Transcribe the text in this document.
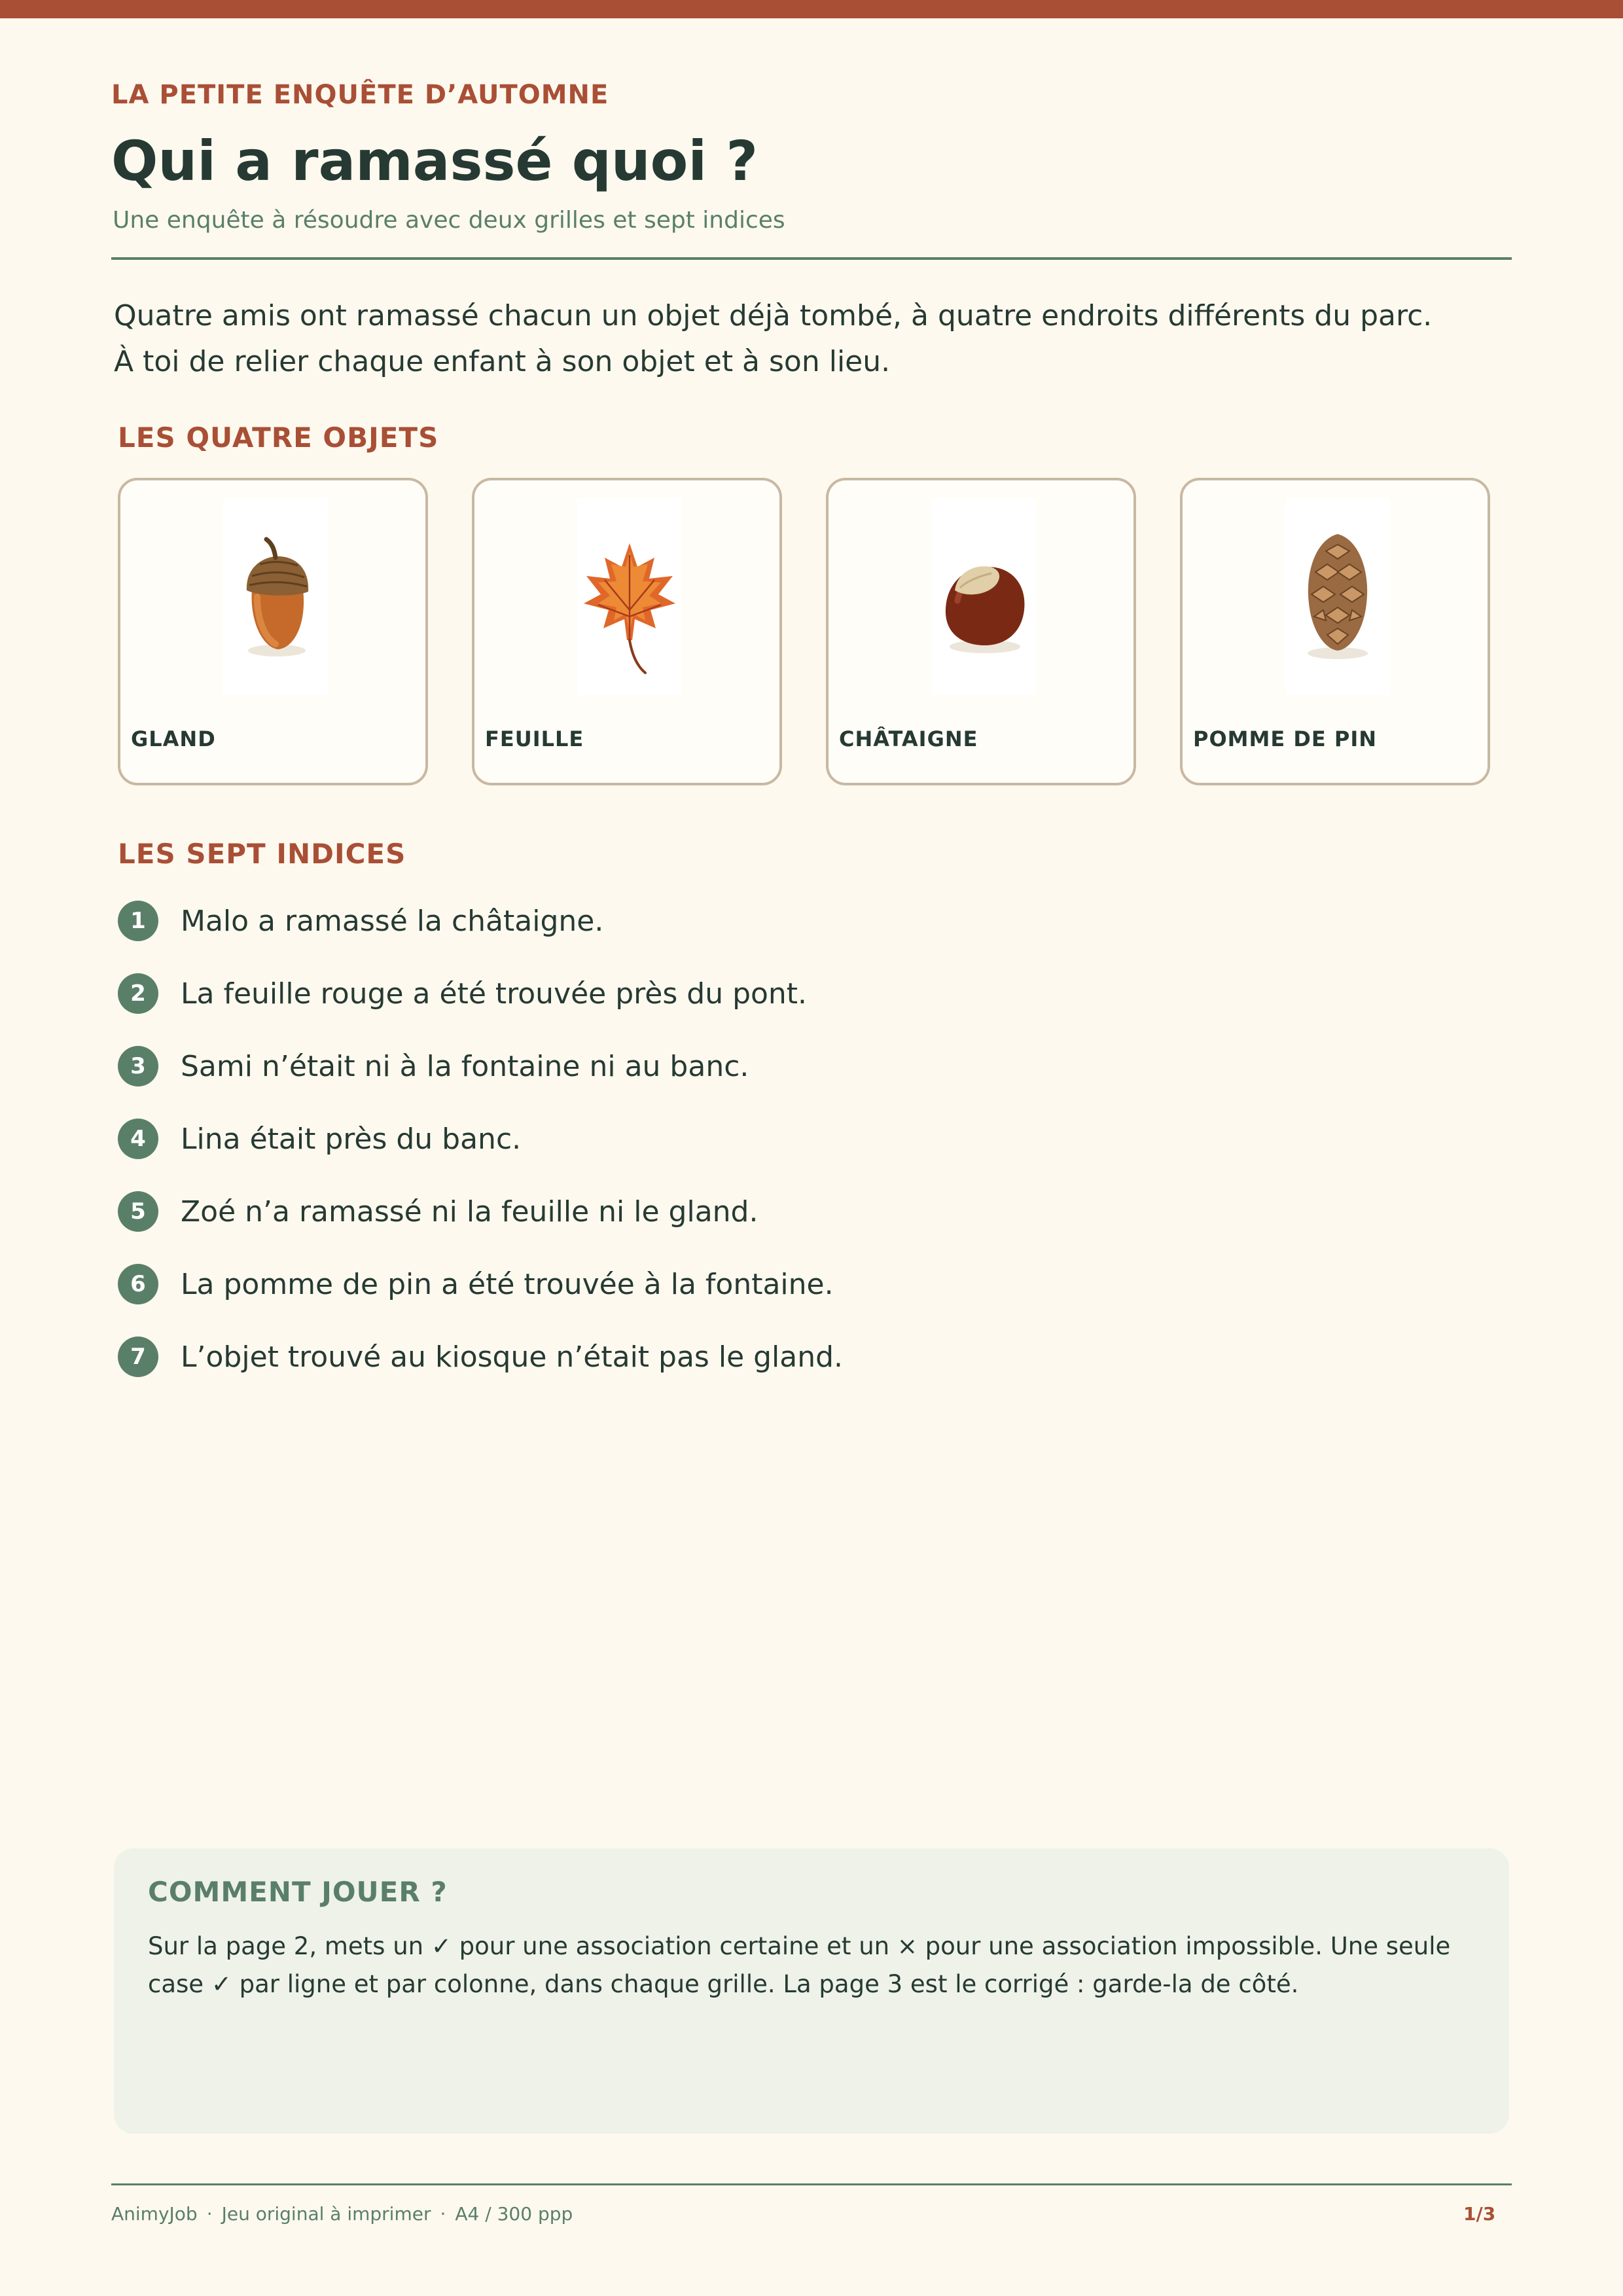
LA PETITE ENQUÊTE D’AUTOMNE
Qui a ramassé quoi ?
Une enquête à résoudre avec deux grilles et sept indices

Quatre amis ont ramassé chacun un objet déjà tombé, à quatre endroits différents du parc.

À toi de relier chaque enfant à son objet et à son lieu.

LES QUATRE OBJETS
GLAND	FEUILLE	CHÂTAIGNE	POMME DE PIN
LES SEPT INDICES
1	Malo a ramassé la châtaigne.
2	La feuille rouge a été trouvée près du pont.
3	Sami n’était ni à la fontaine ni au banc.
4	Lina était près du banc.
5	Zoé n’a ramassé ni la feuille ni le gland.
6	La pomme de pin a été trouvée à la fontaine.
7	L’objet trouvé au kiosque n’était pas le gland.
COMMENT JOUER ?
Sur la page 2, mets un ✓ pour une association certaine et un × pour une association impossible. Une seule case ✓ par ligne et par colonne, dans chaque grille. La page 3 est le corrigé : garde-la de côté.
AnimyJob · Jeu original à imprimer · A4 / 300 ppp	1/3
